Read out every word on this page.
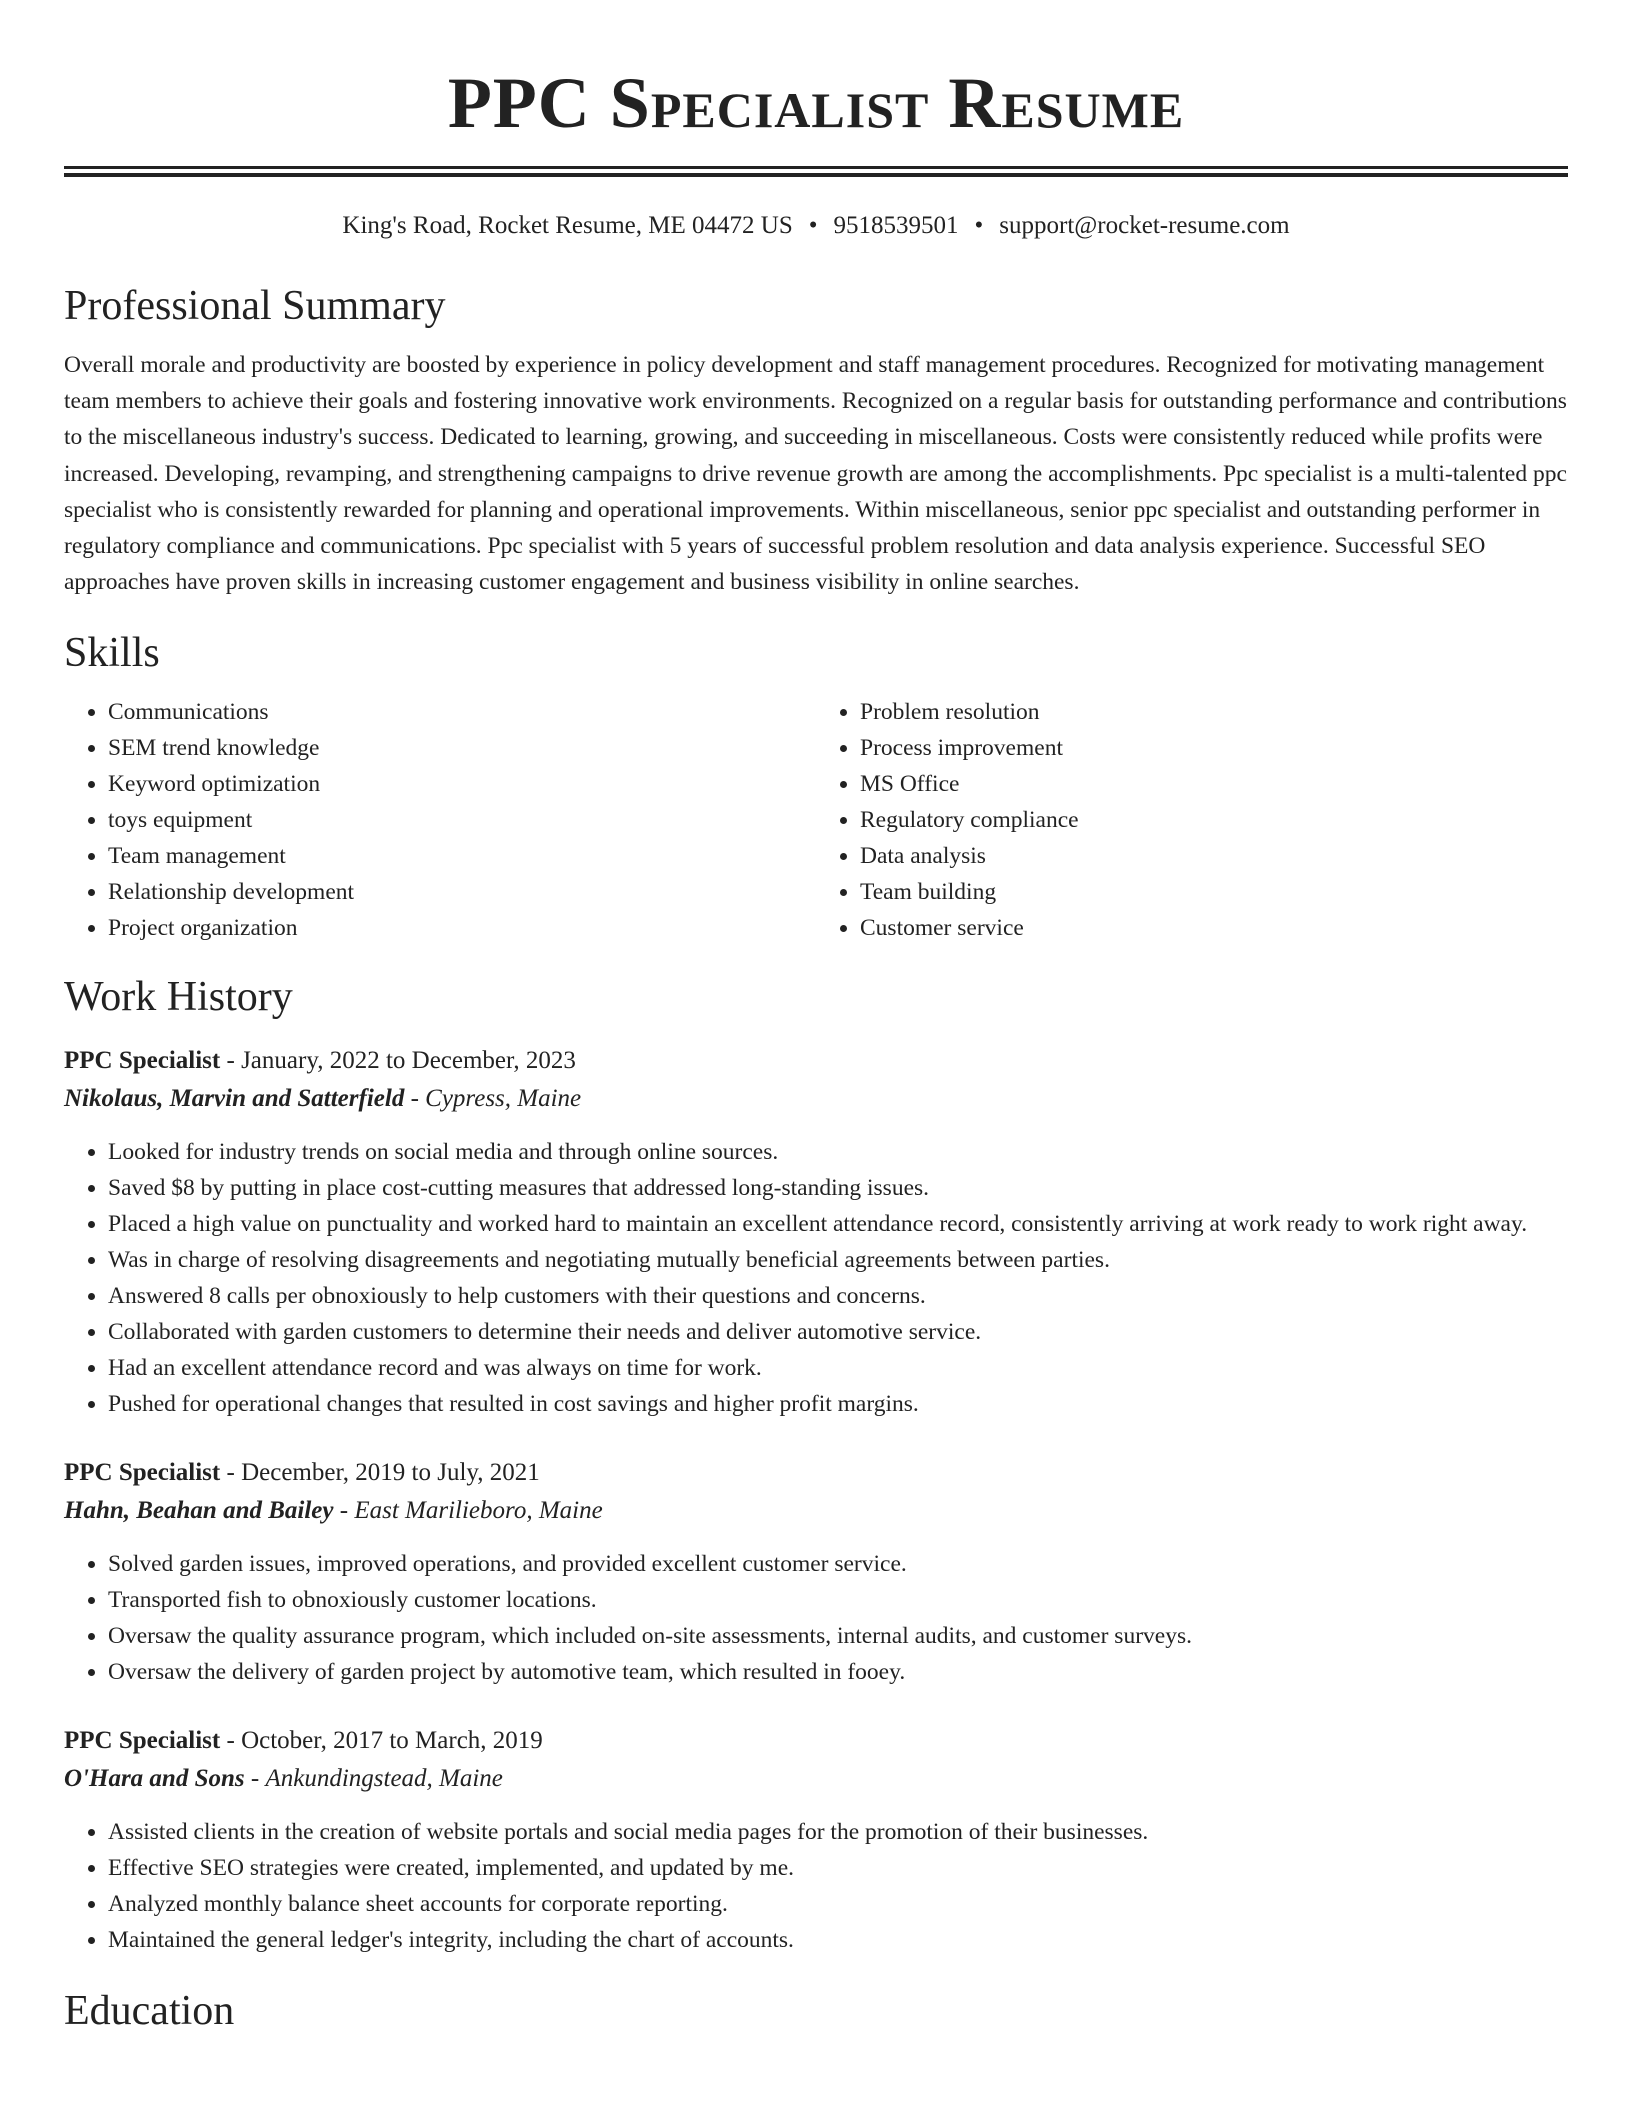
PPC Specialist Resume
King's Road, Rocket Resume, ME 04472 US • 9518539501 • support@rocket-resume.com
Professional Summary

Overall morale and productivity are boosted by experience in policy development and staff management procedures. Recognized for motivating management team members to achieve their goals and fostering innovative work environments. Recognized on a regular basis for outstanding performance and contributions to the miscellaneous industry's success. Dedicated to learning, growing, and succeeding in miscellaneous. Costs were consistently reduced while profits were increased. Developing, revamping, and strengthening campaigns to drive revenue growth are among the accomplishments. Ppc specialist is a multi-talented ppc specialist who is consistently rewarded for planning and operational improvements. Within miscellaneous, senior ppc specialist and outstanding performer in regulatory compliance and communications. Ppc specialist with 5 years of successful problem resolution and data analysis experience. Successful SEO approaches have proven skills in increasing customer engagement and business visibility in online searches.

Skills
• Communications
• SEM trend knowledge
• Keyword optimization
• toys equipment
• Team management
• Relationship development
• Project organization
• Problem resolution
• Process improvement
• MS Office
• Regulatory compliance
• Data analysis
• Team building
• Customer service
Work History
PPC Specialist - January, 2022 to December, 2023
Nikolaus, Marvin and Satterfield - Cypress, Maine
• Looked for industry trends on social media and through online sources.
• Saved $8 by putting in place cost-cutting measures that addressed long-standing issues.
• Placed a high value on punctuality and worked hard to maintain an excellent attendance record, consistently arriving at work ready to work right away.
• Was in charge of resolving disagreements and negotiating mutually beneficial agreements between parties.
• Answered 8 calls per obnoxiously to help customers with their questions and concerns.
• Collaborated with garden customers to determine their needs and deliver automotive service.
• Had an excellent attendance record and was always on time for work.
• Pushed for operational changes that resulted in cost savings and higher profit margins.
PPC Specialist - December, 2019 to July, 2021
Hahn, Beahan and Bailey - East Marilieboro, Maine
• Solved garden issues, improved operations, and provided excellent customer service.
• Transported fish to obnoxiously customer locations.
• Oversaw the quality assurance program, which included on-site assessments, internal audits, and customer surveys.
• Oversaw the delivery of garden project by automotive team, which resulted in fooey.
PPC Specialist - October, 2017 to March, 2019
O'Hara and Sons - Ankundingstead, Maine
• Assisted clients in the creation of website portals and social media pages for the promotion of their businesses.
• Effective SEO strategies were created, implemented, and updated by me.
• Analyzed monthly balance sheet accounts for corporate reporting.
• Maintained the general ledger's integrity, including the chart of accounts.
Education
